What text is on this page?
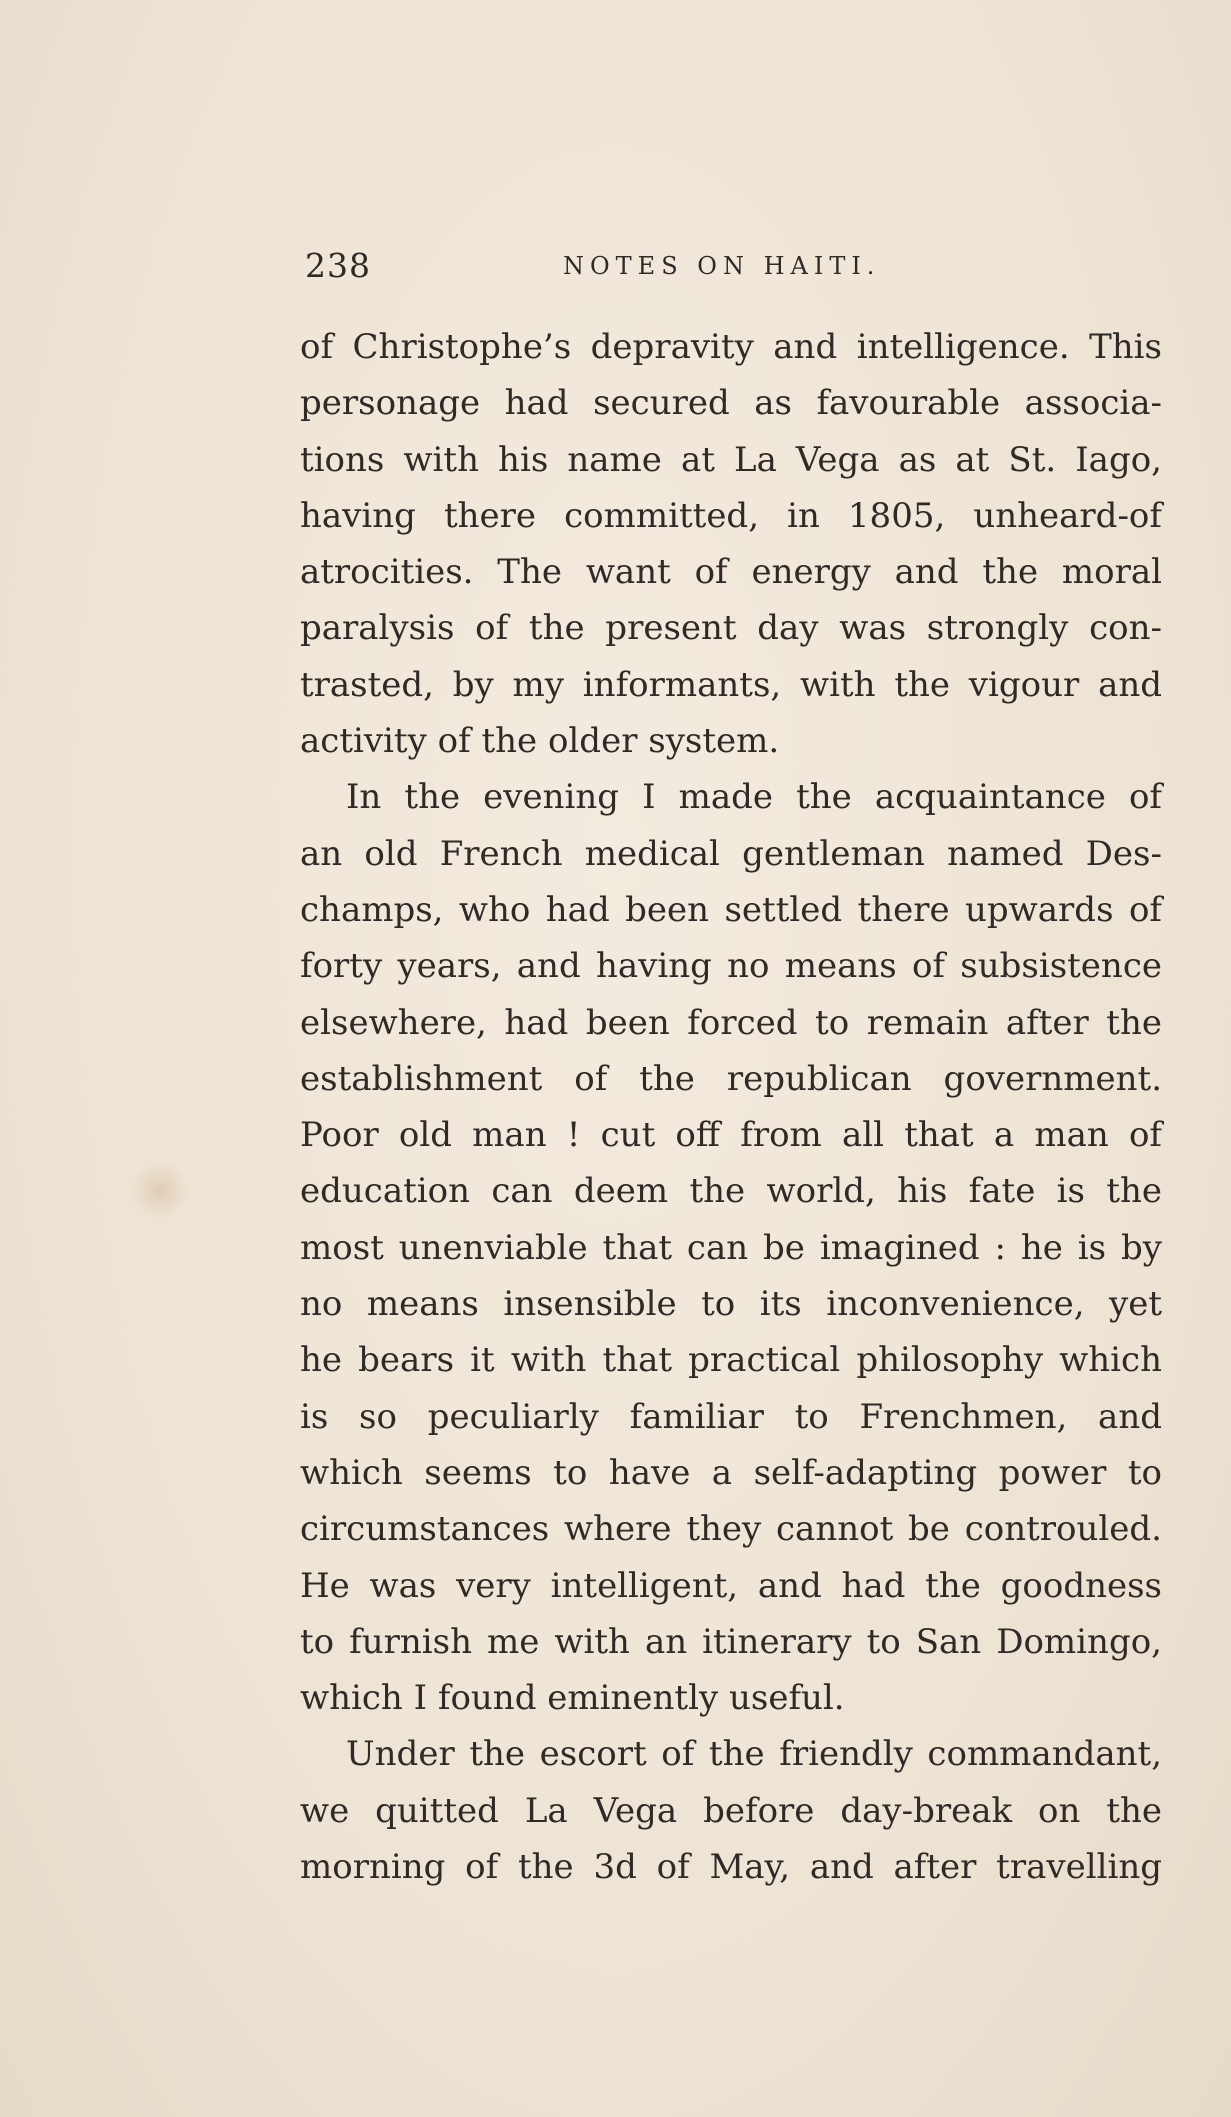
238	NOTES ON HAITI.
of Christophe’s depravity and intelligence. This
personage had secured as favourable associa-
tions with his name at La Vega as at St. Iago,
having there committed, in 1805, unheard-of
atrocities. The want of energy and the moral
paralysis of the present day was strongly con-
trasted, by my informants, with the vigour and
activity of the older system.
In the evening I made the acquaintance of
an old French medical gentleman named Des-
champs, who had been settled there upwards of
forty years, and having no means of subsistence
elsewhere, had been forced to remain after the
establishment of the republican government.
Poor old man ! cut off from all that a man of
education can deem the world, his fate is the
most unenviable that can be imagined : he is by
no means insensible to its inconvenience, yet
he bears it with that practical philosophy which
is so peculiarly familiar to Frenchmen, and
which seems to have a self-adapting power to
circumstances where they cannot be controuled.
He was very intelligent, and had the goodness
to furnish me with an itinerary to San Domingo,
which I found eminently useful.
Under the escort of the friendly commandant,
we quitted La Vega before day-break on the
morning of the 3d of May, and after travelling
